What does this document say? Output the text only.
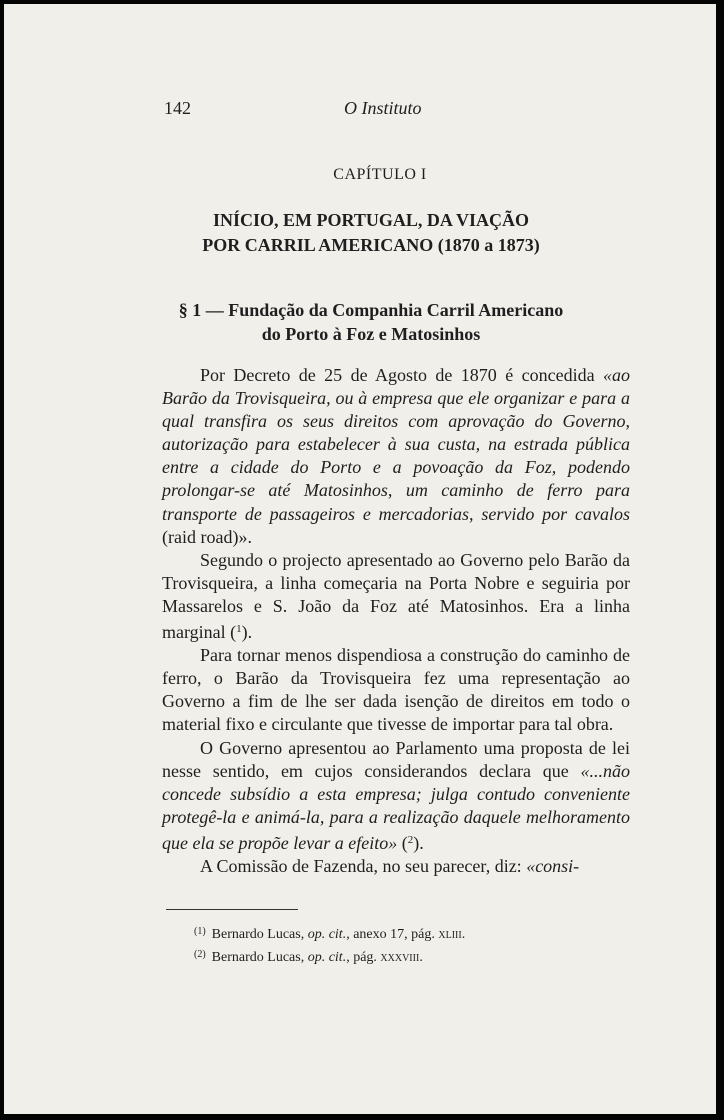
142	O Instituto
CAPÍTULO I
INÍCIO, EM PORTUGAL, DA VIAÇÃO
POR CARRIL AMERICANO (1870 a 1873)
§ 1 — Fundação da Companhia Carril Americano
do Porto à Foz e Matosinhos

Por Decreto de 25 de Agosto de 1870 é concedida «ao Barão da Trovisqueira, ou à empresa que ele organizar e para a qual transfira os seus direitos com aprovação do Governo, autorização para estabelecer à sua custa, na estrada pública entre a cidade do Porto e a povoação da Foz, podendo prolongar-se até Matosinhos, um caminho de ferro para transporte de passageiros e mercadorias, servido por cavalos (raid road)».

Segundo o projecto apresentado ao Governo pelo Barão da Trovisqueira, a linha começaria na Porta Nobre e seguiria por Massarelos e S. João da Foz até Matosinhos. Era a linha marginal ($^1$).

Para tornar menos dispendiosa a construção do caminho de ferro, o Barão da Trovisqueira fez uma representação ao Governo a fim de lhe ser dada isenção de direitos em todo o material fixo e circulante que tivesse de importar para tal obra.

O Governo apresentou ao Parlamento uma proposta de lei nesse sentido, em cujos considerandos declara que «...não concede subsídio a esta empresa; julga contudo conveniente protegê-la e animá-la, para a realização daquele melhoramento que ela se propõe levar a efeito» ($^2$).

A Comissão de Fazenda, no seu parecer, diz: «consi-

$^{(1)}$ Bernardo Lucas, op. cit., anexo 17, pág. xliii.
$^{(2)}$ Bernardo Lucas, op. cit., pág. xxxviii.
